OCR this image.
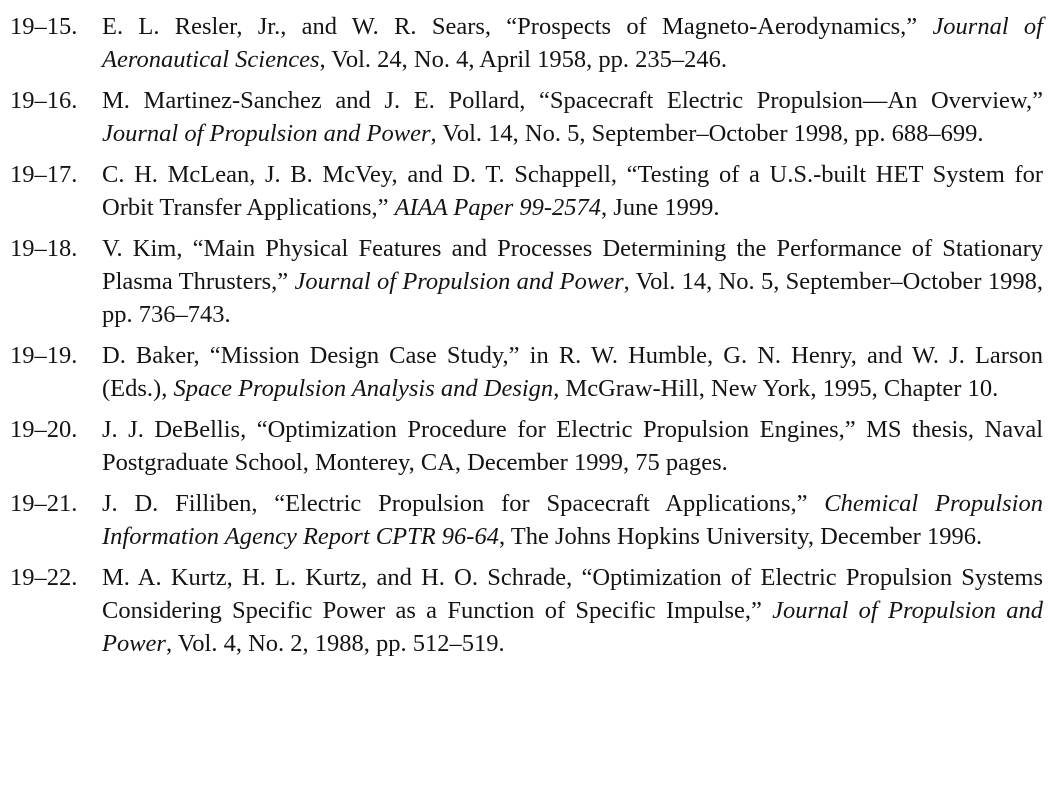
19–15. E. L. Resler, Jr., and W. R. Sears, “Prospects of Magneto-Aerodynamics,” Journal of Aeronautical Sciences, Vol. 24, No. 4, April 1958, pp. 235–246.
19–16. M. Martinez-Sanchez and J. E. Pollard, “Spacecraft Electric Propulsion—An Overview,” Journal of Propulsion and Power, Vol. 14, No. 5, September–October 1998, pp. 688–699.
19–17. C. H. McLean, J. B. McVey, and D. T. Schappell, “Testing of a U.S.-built HET System for Orbit Transfer Applications,” AIAA Paper 99-2574, June 1999.
19–18. V. Kim, “Main Physical Features and Processes Determining the Performance of Stationary Plasma Thrusters,” Journal of Propulsion and Power, Vol. 14, No. 5, September–October 1998, pp. 736–743.
19–19. D. Baker, “Mission Design Case Study,” in R. W. Humble, G. N. Henry, and W. J. Larson (Eds.), Space Propulsion Analysis and Design, McGraw-Hill, New York, 1995, Chapter 10.
19–20. J. J. DeBellis, “Optimization Procedure for Electric Propulsion Engines,” MS thesis, Naval Postgraduate School, Monterey, CA, December 1999, 75 pages.
19–21. J. D. Filliben, “Electric Propulsion for Spacecraft Applications,” Chemical Propulsion Information Agency Report CPTR 96-64, The Johns Hopkins University, December 1996.
19–22. M. A. Kurtz, H. L. Kurtz, and H. O. Schrade, “Optimization of Electric Propulsion Systems Considering Specific Power as a Function of Specific Impulse,” Journal of Propulsion and Power, Vol. 4, No. 2, 1988, pp. 512–519.
